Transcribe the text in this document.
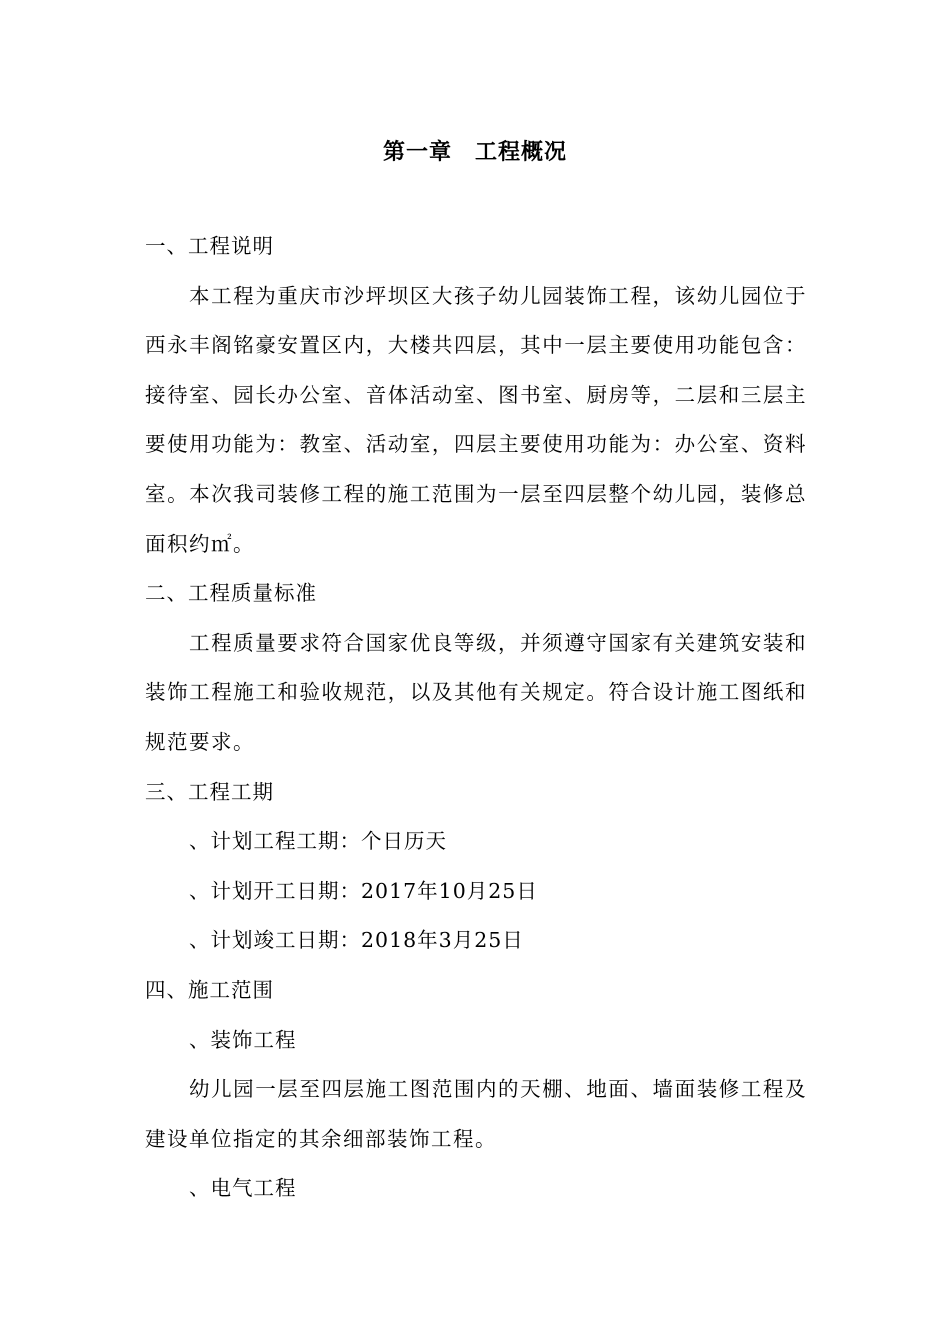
第一章　工程概况

一、工程说明

本工程为重庆市沙坪坝区大孩子幼儿园装饰工程，该幼儿园位于西永丰阁铭豪安置区内，大楼共四层，其中一层主要使用功能包含：接待室、园长办公室、音体活动室、图书室、厨房等，二层和三层主要使用功能为：教室、活动室，四层主要使用功能为：办公室、资料室。本次我司装修工程的施工范围为一层至四层整个幼儿园，装修总面积约㎡。

二、工程质量标准

工程质量要求符合国家优良等级，并须遵守国家有关建筑安装和装饰工程施工和验收规范，以及其他有关规定。符合设计施工图纸和规范要求。

三、工程工期

、计划工程工期：个日历天

、计划开工日期：2017年10月25日

、计划竣工日期：2018年3月25日

四、施工范围

、装饰工程

幼儿园一层至四层施工图范围内的天棚、地面、墙面装修工程及建设单位指定的其余细部装饰工程。

、电气工程
